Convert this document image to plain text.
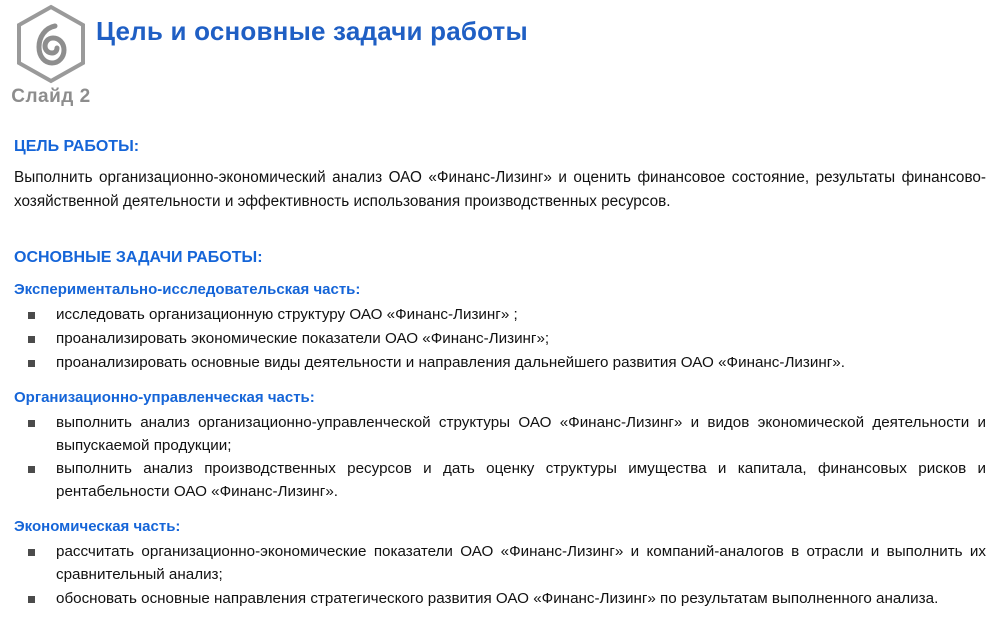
Слайд 2
Цель и основные задачи работы
ЦЕЛЬ РАБОТЫ:

Выполнить организационно-экономический анализ ОАО «Финанс-Лизинг» и оценить финансовое состояние, результаты финансово-хозяйственной деятельности и эффективность использования производственных ресурсов.

ОСНОВНЫЕ ЗАДАЧИ РАБОТЫ:
Экспериментально-исследовательская часть:
исследовать организационную структуру ОАО «Финанс-Лизинг» ;
проанализировать экономические показатели ОАО «Финанс-Лизинг»;
проанализировать основные виды деятельности и направления дальнейшего развития ОАО «Финанс-Лизинг».
Организационно-управленческая часть:
выполнить анализ организационно-управленческой структуры ОАО «Финанс-Лизинг» и видов экономической деятельности и выпускаемой продукции;
выполнить анализ производственных ресурсов и дать оценку структуры имущества и капитала, финансовых рисков и рентабельности ОАО «Финанс-Лизинг».
Экономическая часть:
рассчитать организационно-экономические показатели ОАО «Финанс-Лизинг» и компаний-аналогов в отрасли и выполнить их сравнительный анализ;
обосновать основные направления стратегического развития ОАО «Финанс-Лизинг» по результатам выполненного анализа.
